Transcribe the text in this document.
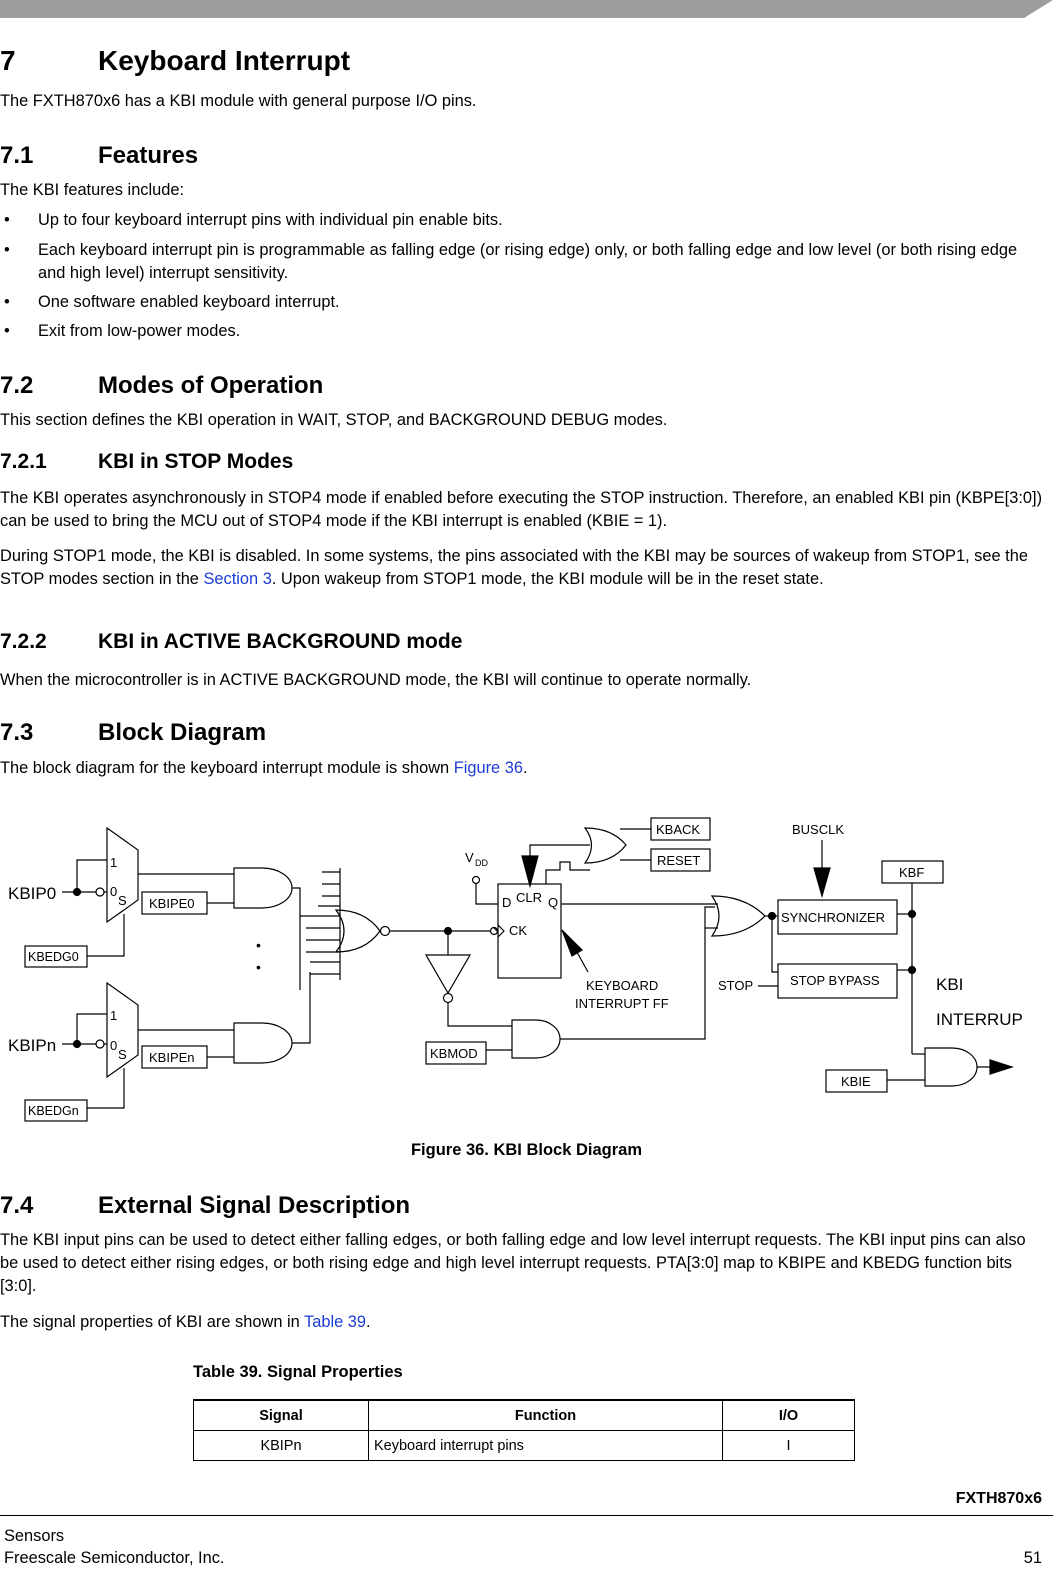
7	Keyboard Interrupt

The FXTH870x6 has a KBI module with general purpose I/O pins.

7.1	Features

The KBI features include:

• Up to four keyboard interrupt pins with individual pin enable bits.
• Each keyboard interrupt pin is programmable as falling edge (or rising edge) only, or both falling edge and low level (or both rising edge and high level) interrupt sensitivity.
• One software enabled keyboard interrupt.
• Exit from low-power modes.
7.2	Modes of Operation

This section defines the KBI operation in WAIT, STOP, and BACKGROUND DEBUG modes.

7.2.1 KBI in STOP Modes

The KBI operates asynchronously in STOP4 mode if enabled before executing the STOP instruction. Therefore, an enabled KBI pin (KBPE[3:0]) can be used to bring the MCU out of STOP4 mode if the KBI interrupt is enabled (KBIE = 1).

During STOP1 mode, the KBI is disabled. In some systems, the pins associated with the KBI may be sources of wakeup from STOP1, see the STOP modes section in the Section 3. Upon wakeup from STOP1 mode, the KBI module will be in the reset state.

7.2.2 KBI in ACTIVE BACKGROUND mode

When the microcontroller is in ACTIVE BACKGROUND mode, the KBI will continue to operate normally.

7.3	Block Diagram

The block diagram for the keyboard interrupt module is shown Figure 36.

1
0
S
KBIP0
KBEDG0
KBIPE0
1
0
S
KBIPn
KBEDGn
KBIPEn
•
•
KBMOD
V DD
D CLR Q
CK
KBACK
RESET
KEYBOARD
INTERRUPT FF
BUSCLK
SYNCHRONIZER
STOP BYPASS
STOP
KBF
KBI
INTERRUP
KBIE
Figure 36. KBI Block Diagram
7.4	External Signal Description

The KBI input pins can be used to detect either falling edges, or both falling edge and low level interrupt requests. The KBI input pins can also be used to detect either rising edges, or both rising edge and high level interrupt requests. PTA[3:0] map to KBIPE and KBEDG function bits [3:0].

The signal properties of KBI are shown in Table 39.

Table 39. Signal Properties
Signal	Function	I/O
KBIPn	Keyboard interrupt pins	I
FXTH870x6
Sensors
Freescale Semiconductor, Inc.	51
